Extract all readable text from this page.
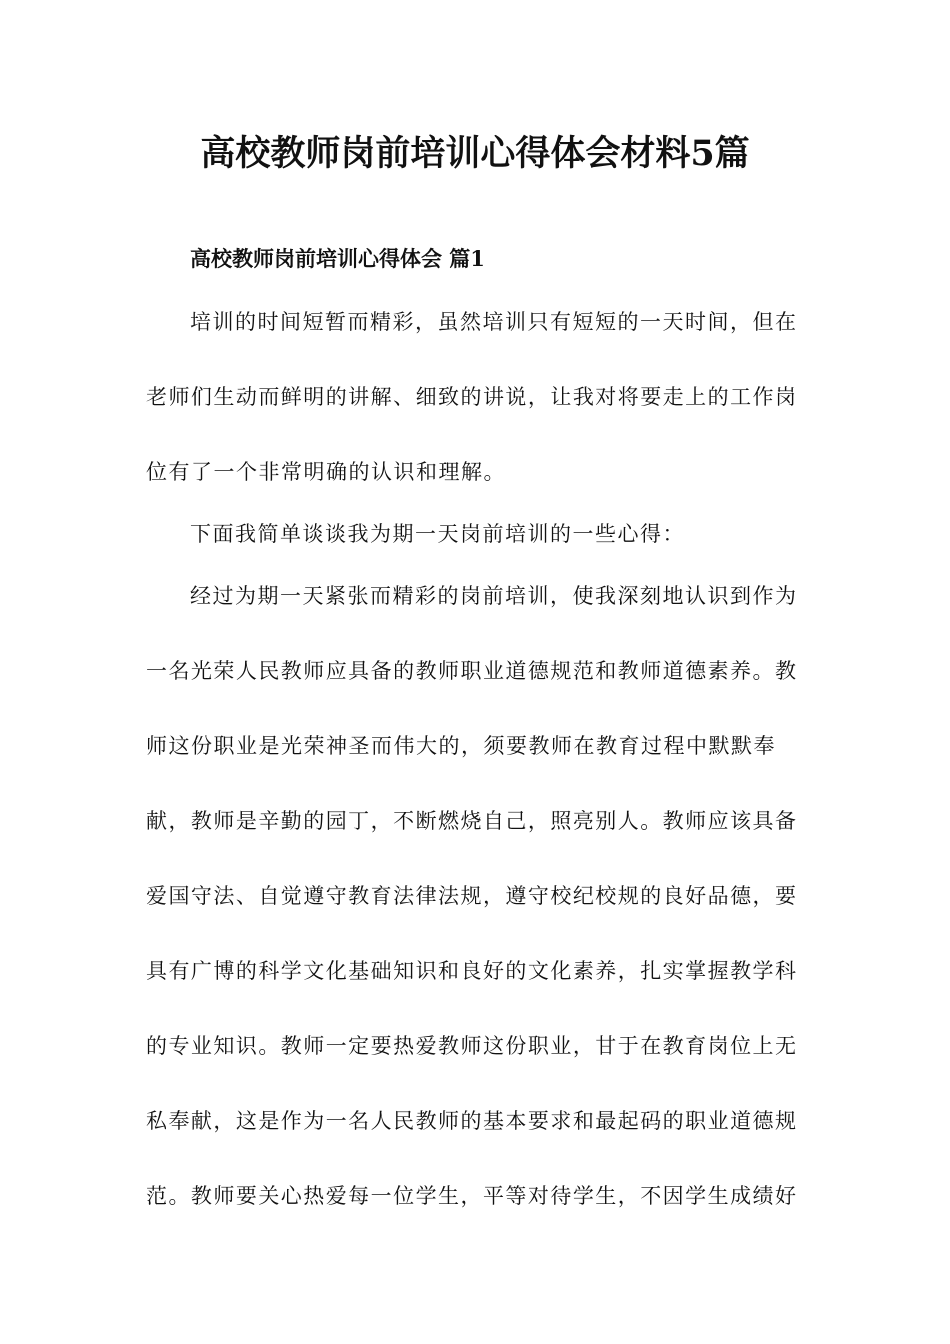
高校教师岗前培训心得体会材料5篇
高校教师岗前培训心得体会 篇1
培训的时间短暂而精彩，虽然培训只有短短的一天时间，但在
老师们生动而鲜明的讲解、细致的讲说，让我对将要走上的工作岗
位有了一个非常明确的认识和理解。
下面我简单谈谈我为期一天岗前培训的一些心得：
经过为期一天紧张而精彩的岗前培训，使我深刻地认识到作为
一名光荣人民教师应具备的教师职业道德规范和教师道德素养。教
师这份职业是光荣神圣而伟大的，须要教师在教育过程中默默奉
献，教师是辛勤的园丁，不断燃烧自己，照亮别人。教师应该具备
爱国守法、自觉遵守教育法律法规，遵守校纪校规的良好品德，要
具有广博的科学文化基础知识和良好的文化素养，扎实掌握教学科
的专业知识。教师一定要热爱教师这份职业，甘于在教育岗位上无
私奉献，这是作为一名人民教师的基本要求和最起码的职业道德规
范。教师要关心热爱每一位学生，平等对待学生，不因学生成绩好
